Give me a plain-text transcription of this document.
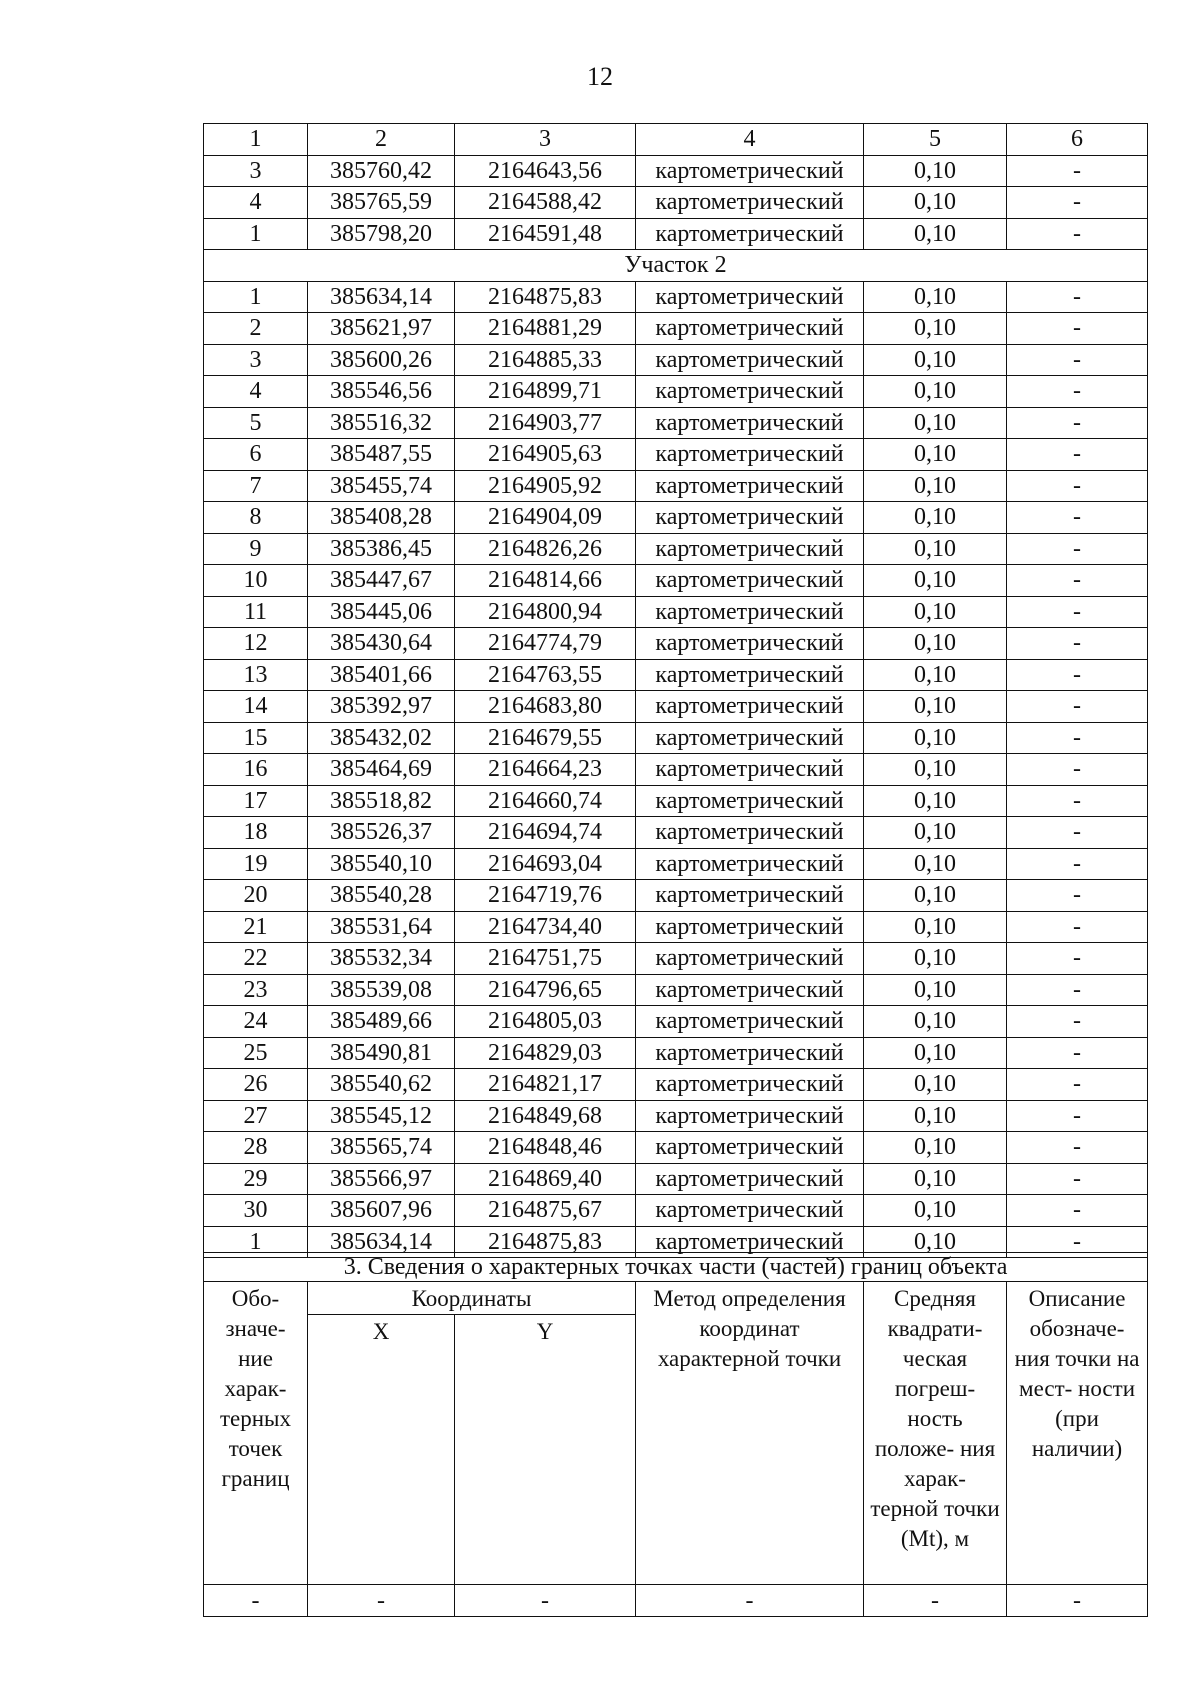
12
1	2	3	4	5	6
3	385760,42	2164643,56	картометрический	0,10	-
4	385765,59	2164588,42	картометрический	0,10	-
1	385798,20	2164591,48	картометрический	0,10	-
Участок 2					
1	385634,14	2164875,83	картометрический	0,10	-
2	385621,97	2164881,29	картометрический	0,10	-
3	385600,26	2164885,33	картометрический	0,10	-
4	385546,56	2164899,71	картометрический	0,10	-
5	385516,32	2164903,77	картометрический	0,10	-
6	385487,55	2164905,63	картометрический	0,10	-
7	385455,74	2164905,92	картометрический	0,10	-
8	385408,28	2164904,09	картометрический	0,10	-
9	385386,45	2164826,26	картометрический	0,10	-
10	385447,67	2164814,66	картометрический	0,10	-
11	385445,06	2164800,94	картометрический	0,10	-
12	385430,64	2164774,79	картометрический	0,10	-
13	385401,66	2164763,55	картометрический	0,10	-
14	385392,97	2164683,80	картометрический	0,10	-
15	385432,02	2164679,55	картометрический	0,10	-
16	385464,69	2164664,23	картометрический	0,10	-
17	385518,82	2164660,74	картометрический	0,10	-
18	385526,37	2164694,74	картометрический	0,10	-
19	385540,10	2164693,04	картометрический	0,10	-
20	385540,28	2164719,76	картометрический	0,10	-
21	385531,64	2164734,40	картометрический	0,10	-
22	385532,34	2164751,75	картометрический	0,10	-
23	385539,08	2164796,65	картометрический	0,10	-
24	385489,66	2164805,03	картометрический	0,10	-
25	385490,81	2164829,03	картометрический	0,10	-
26	385540,62	2164821,17	картометрический	0,10	-
27	385545,12	2164849,68	картометрический	0,10	-
28	385565,74	2164848,46	картометрический	0,10	-
29	385566,97	2164869,40	картометрический	0,10	-
30	385607,96	2164875,67	картометрический	0,10	-
1	385634,14	2164875,83	картометрический	0,10	-
3. Сведения о характерных точках части (частей) границ объекта					
Обо- значе- ние харак- терных точек границ	Координаты		Метод определения координат характерной точки	Средняя квадрати- ческая погреш- ность положе- ния харак- терной точки (Mt), м	Описание обозначе- ния точки на мест- ности (при наличии)
	X	Y			
-	-	-	-	-	-
